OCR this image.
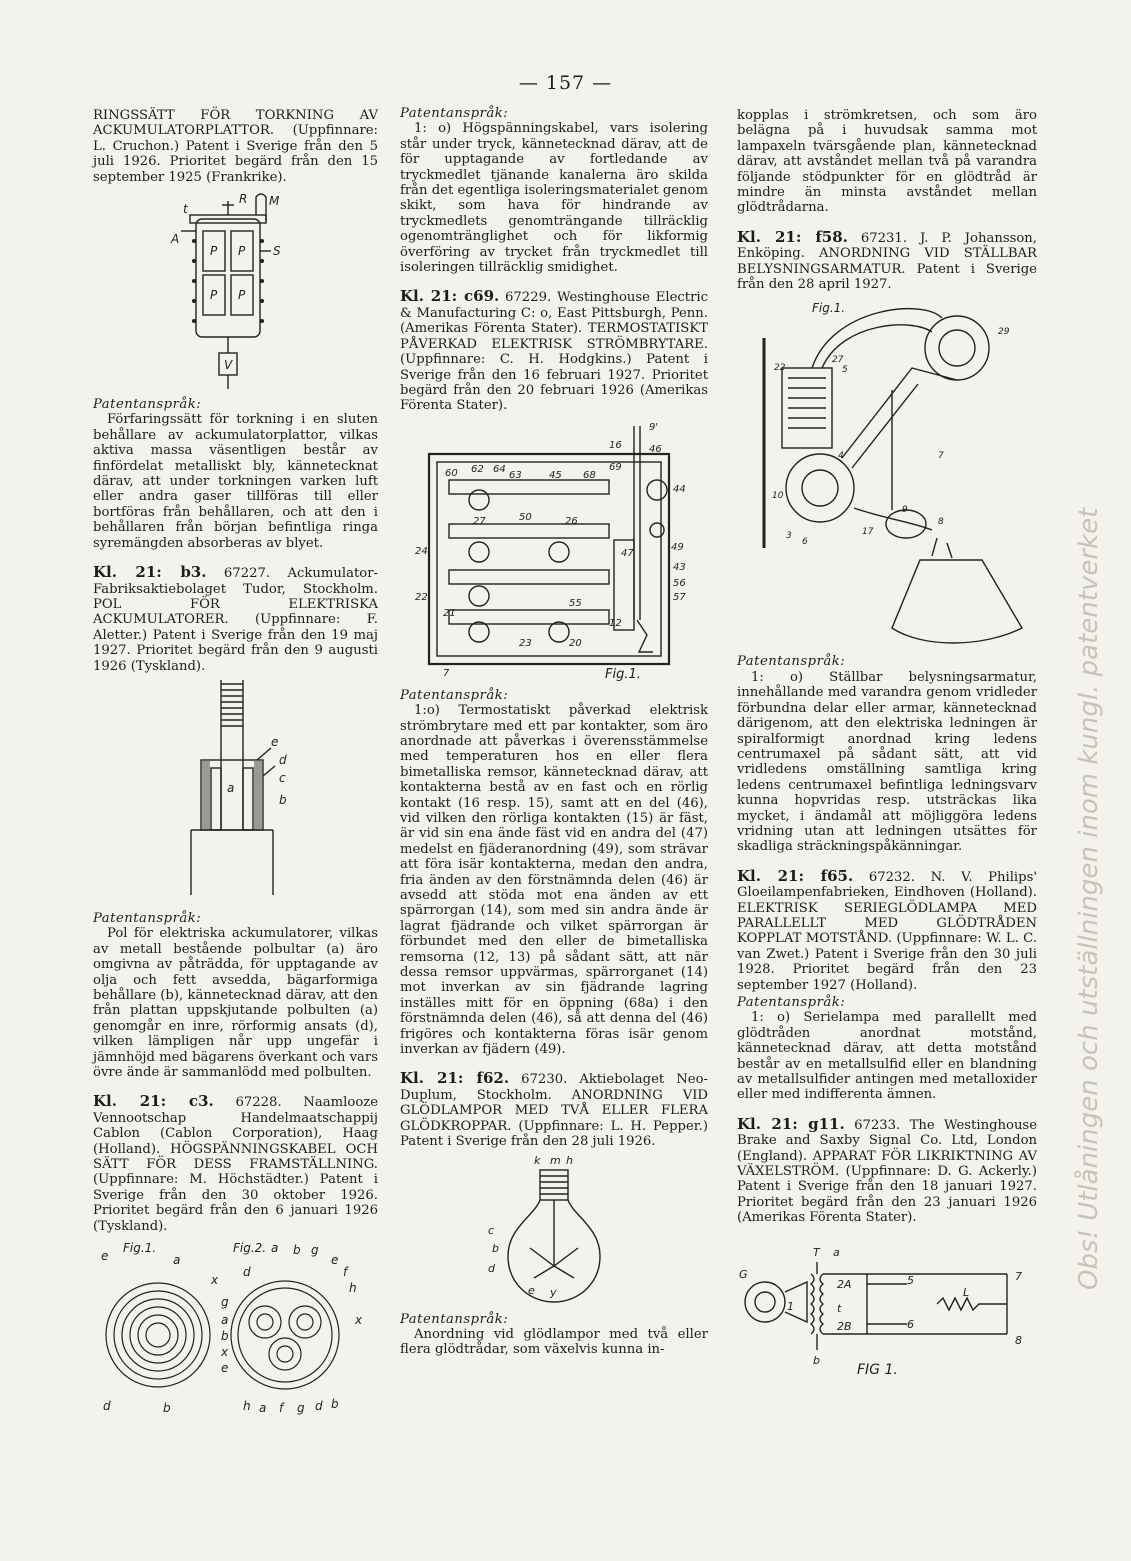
— 157 —

RINGSSÄTT FÖR TORKNING AV ACKUMULATORPLATTOR. (Uppfinnare: L. Cruchon.) Patent i Sverige från den 5 juli 1926. Prioritet begärd från den 15 september 1925 (Frankrike).

R M
t
A
P P
P P
S
V

Patentanspråk:

Förfaringssätt för torkning i en sluten behållare av ackumulatorplattor, vilkas aktiva massa väsentligen består av finfördelat metalliskt bly, kännetecknat därav, att under torkningen varken luft eller andra gaser tillföras till eller bortföras från behållaren, och att den i behållaren från början befintliga ringa syremängden absorberas av blyet.

Kl. 21: b3. 67227. Ackumulator-Fabriksaktiebolaget Tudor, Stockholm. POL FÖR ELEKTRISKA ACKUMULATORER. (Uppfinnare: F. Aletter.) Patent i Sverige från den 19 maj 1927. Prioritet begärd från den 9 augusti 1926 (Tyskland).

e
d
c
a
b

Patentanspråk:

Pol för elektriska ackumulatorer, vilkas av metall bestående polbultar (a) äro omgivna av påträdda, för upptagande av olja och fett avsedda, bägarformiga behållare (b), kännetecknad därav, att den från plattan uppskjutande polbulten (a) genomgår en inre, rörformig ansats (d), vilken lämpligen når upp ungefär i jämnhöjd med bägarens överkant och vars övre ände är sammanlödd med polbulten.

Kl. 21: c3. 67228. Naamlooze Vennootschap Handelmaatschappij Cablon (Cablon Corporation), Haag (Holland). HÖGSPÄNNINGSKABEL OCH SÄTT FÖR DESS FRAMSTÄLLNING. (Uppfinnare: M. Höchstädter.) Patent i Sverige från den 30 oktober 1926. Prioritet begärd från den 6 januari 1926 (Tyskland).

e
Fig.1.
a
x
d	b
Fig.2. a b g
e
f
h
d
g
a
b
x
e
h a f g d b
x

Patentanspråk:

1: o) Högspänningskabel, vars isolering står under tryck, kännetecknad därav, att de för upptagande av fortledande av tryckmedlet tjänande kanalerna äro skilda från det egentliga isoleringsmaterialet genom skikt, som hava för hindrande av tryckmedlets genomträngande tillräcklig ogenomtränglighet och för likformig överföring av trycket från tryckmedlet till isoleringen tillräcklig smidighet.

Kl. 21: c69. 67229. Westinghouse Electric & Manufacturing C: o, East Pittsburgh, Penn. (Amerikas Förenta Stater). TERMOSTATISKT PÅVERKAD ELEKTRISK STRÖMBRYTARE. (Uppfinnare: C. H. Hodgkins.) Patent i Sverige från den 16 februari 1927. Prioritet begärd från den 20 februari 1926 (Amerikas Förenta Stater).

9'
16	46
60 62 64
63	45 68
69
44
50
27	26
24	47
49
43
56
57
22
55
21
23	20
12
7	Fig.1.

Patentanspråk:

1:o) Termostatiskt påverkad elektrisk strömbrytare med ett par kontakter, som äro anordnade att påverkas i överensstämmelse med temperaturen hos en eller flera bimetalliska remsor, kännetecknad därav, att kontakterna bestå av en fast och en rörlig kontakt (16 resp. 15), samt att en del (46), vid vilken den rörliga kontakten (15) är fäst, är vid sin ena ände fäst vid en andra del (47) medelst en fjäderanordning (49), som strävar att föra isär kontakterna, medan den andra, fria änden av den förstnämnda delen (46) är avsedd att stöda mot ena änden av ett spärrorgan (14), som med sin andra ände är lagrat fjädrande och vilket spärrorgan är förbundet med den eller de bimetalliska remsorna (12, 13) på sådant sätt, att när dessa remsor uppvärmas, spärrorganet (14) mot inverkan av sin fjädrande lagring inställes mitt för en öppning (68a) i den förstnämnda delen (46), så att denna del (46) frigöres och kontakterna föras isär genom inverkan av fjädern (49).

Kl. 21: f62. 67230. Aktiebolaget Neo-Duplum, Stockholm. ANORDNING VID GLÖDLAMPOR MED TVÅ ELLER FLERA GLÖDKROPPAR. (Uppfinnare: L. H. Pepper.) Patent i Sverige från den 28 juli 1926.

k m h
c
b
d
e y

Patentanspråk:

Anordning vid glödlampor med två eller flera glödtrådar, som växelvis kunna in-

kopplas i strömkretsen, och som äro belägna på i huvudsak samma mot lampaxeln tvärsgående plan, kännetecknad därav, att avståndet mellan två på varandra följande stödpunkter för en glödtråd är mindre än minsta avståndet mellan glödtrådarna.

Kl. 21: f58. 67231. J. P. Johansson, Enköping. ANORDNING VID STÄLLBAR BELYSNINGSARMATUR. Patent i Sverige från den 28 april 1927.

Fig.1.
22
29
27
5
4	7
9
6
3
10
17
8

Patentanspråk:

1: o) Ställbar belysningsarmatur, innehållande med varandra genom vridleder förbundna delar eller armar, kännetecknad därigenom, att den elektriska ledningen är spiralformigt anordnad kring ledens centrumaxel på sådant sätt, att vid vridledens omställning samtliga kring ledens centrumaxel befintliga ledningsvarv kunna hopvridas resp. utsträckas lika mycket, i ändamål att möjliggöra ledens vridning utan att ledningen utsättes för skadliga sträckningspåkänningar.

Kl. 21: f65. 67232. N. V. Philips' Gloeilampenfabrieken, Eindhoven (Holland). ELEKTRISK SERIEGLÖDLAMPA MED PARALLELLT MED GLÖDTRÅDEN KOPPLAT MOTSTÅND. (Uppfinnare: W. L. C. van Zwet.) Patent i Sverige från den 30 juli 1928. Prioritet begärd från den 23 september 1927 (Holland).

Patentanspråk:

1: o) Serielampa med parallellt med glödtråden anordnat motstånd, kännetecknad därav, att detta motstånd består av en metallsulfid eller en blandning av metallsulfider antingen med metalloxider eller med indifferenta ämnen.

Kl. 21: g11. 67233. The Westinghouse Brake and Saxby Signal Co. Ltd, London (England). APPARAT FÖR LIKRIKTNING AV VÄXELSTRÖM. (Uppfinnare: D. G. Ackerly.) Patent i Sverige från den 18 januari 1927. Prioritet begärd från den 23 januari 1926 (Amerikas Förenta Stater).

T a
G
2A	5	7
L
1	t
6
2B
8
b
FIG 1.
Obs! Utlåningen och utställningen inom kungl. patentverket
